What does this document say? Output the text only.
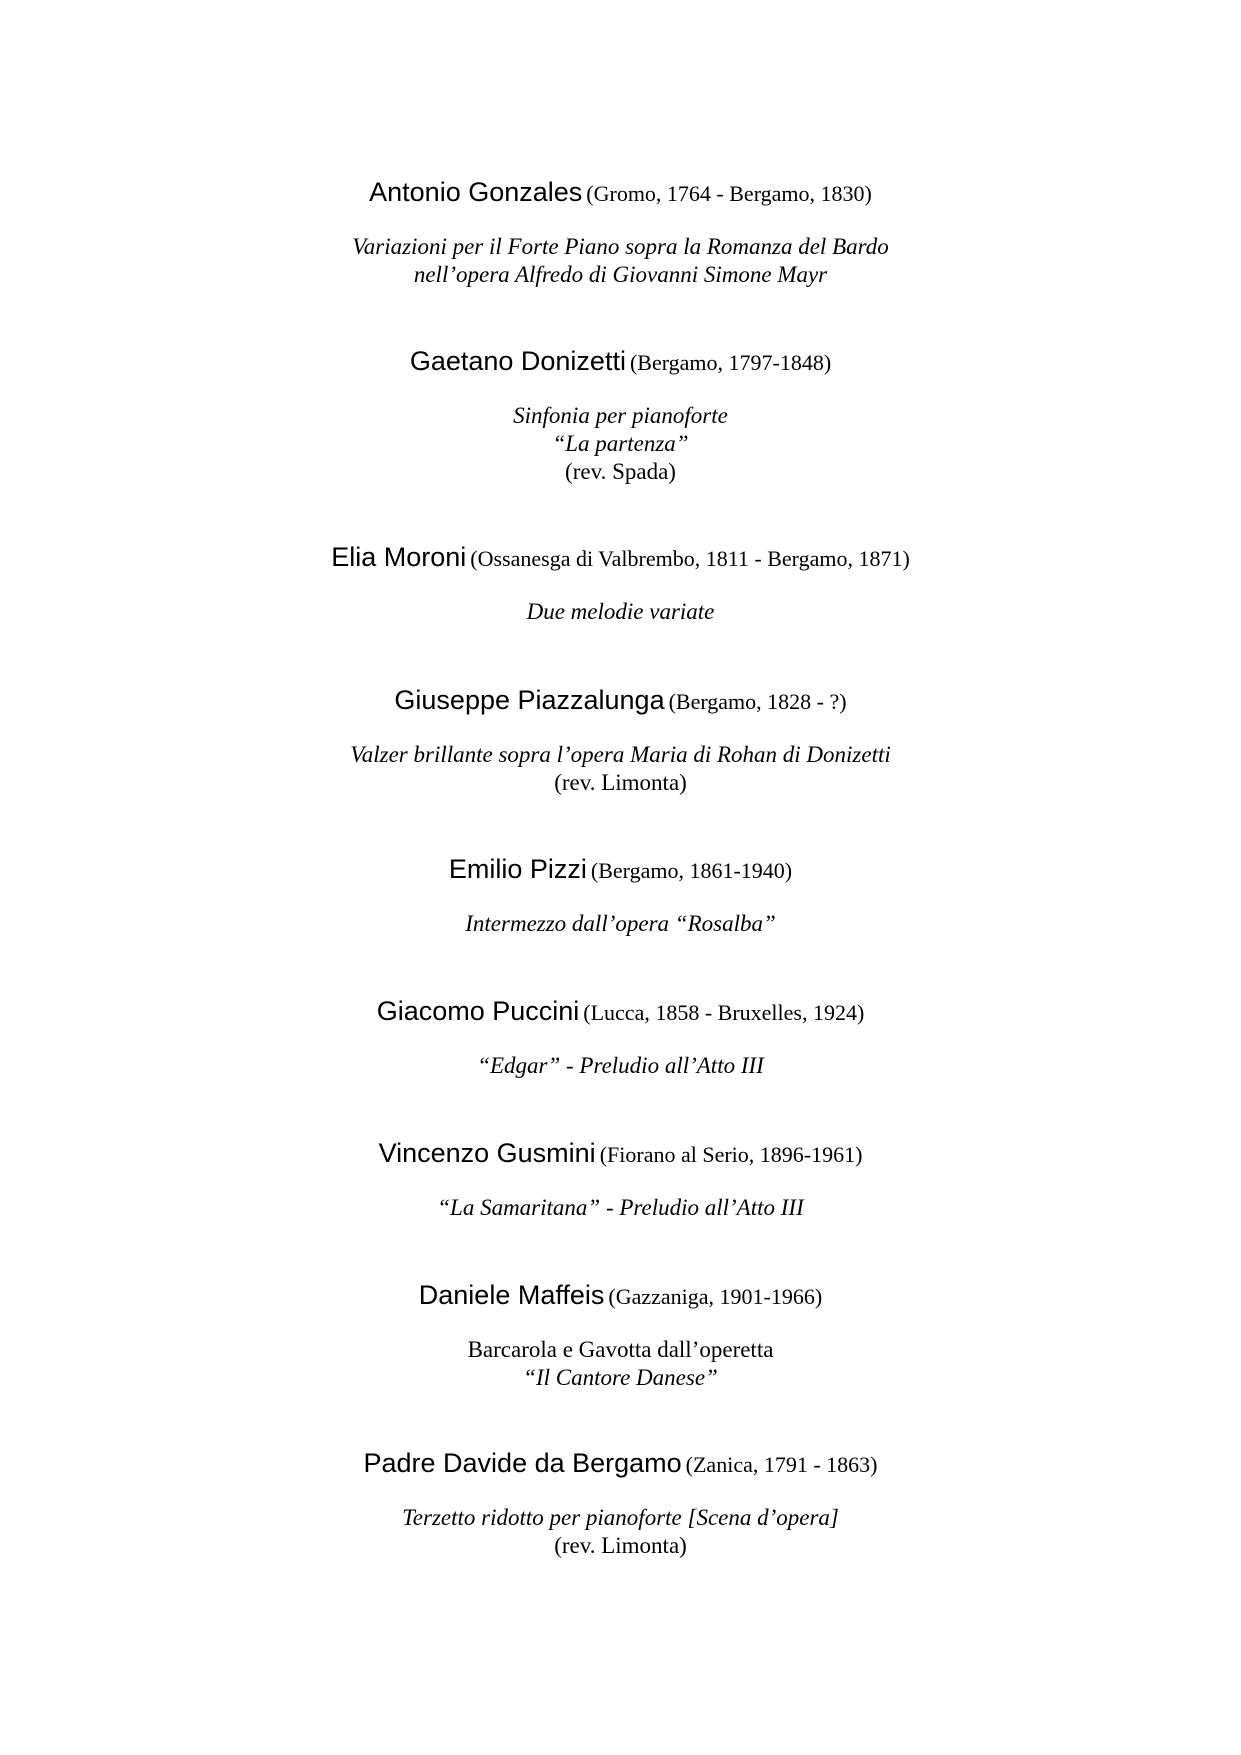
Antonio Gonzales (Gromo, 1764 - Bergamo, 1830)
Variazioni per il Forte Piano sopra la Romanza del Bardo
nell’opera Alfredo di Giovanni Simone Mayr
Gaetano Donizetti (Bergamo, 1797-1848)
Sinfonia per pianoforte
“La partenza”
(rev. Spada)
Elia Moroni (Ossanesga di Valbrembo, 1811 - Bergamo, 1871)
Due melodie variate
Giuseppe Piazzalunga (Bergamo, 1828 - ?)
Valzer brillante sopra l’opera Maria di Rohan di Donizetti
(rev. Limonta)
Emilio Pizzi (Bergamo, 1861-1940)
Intermezzo dall’opera “Rosalba”
Giacomo Puccini (Lucca, 1858 - Bruxelles, 1924)
“Edgar” - Preludio all’Atto III
Vincenzo Gusmini (Fiorano al Serio, 1896-1961)
“La Samaritana” - Preludio all’Atto III
Daniele Maffeis (Gazzaniga, 1901-1966)
Barcarola e Gavotta dall’operetta
“Il Cantore Danese”
Padre Davide da Bergamo (Zanica, 1791 - 1863)
Terzetto ridotto per pianoforte [Scena d’opera]
(rev. Limonta)
